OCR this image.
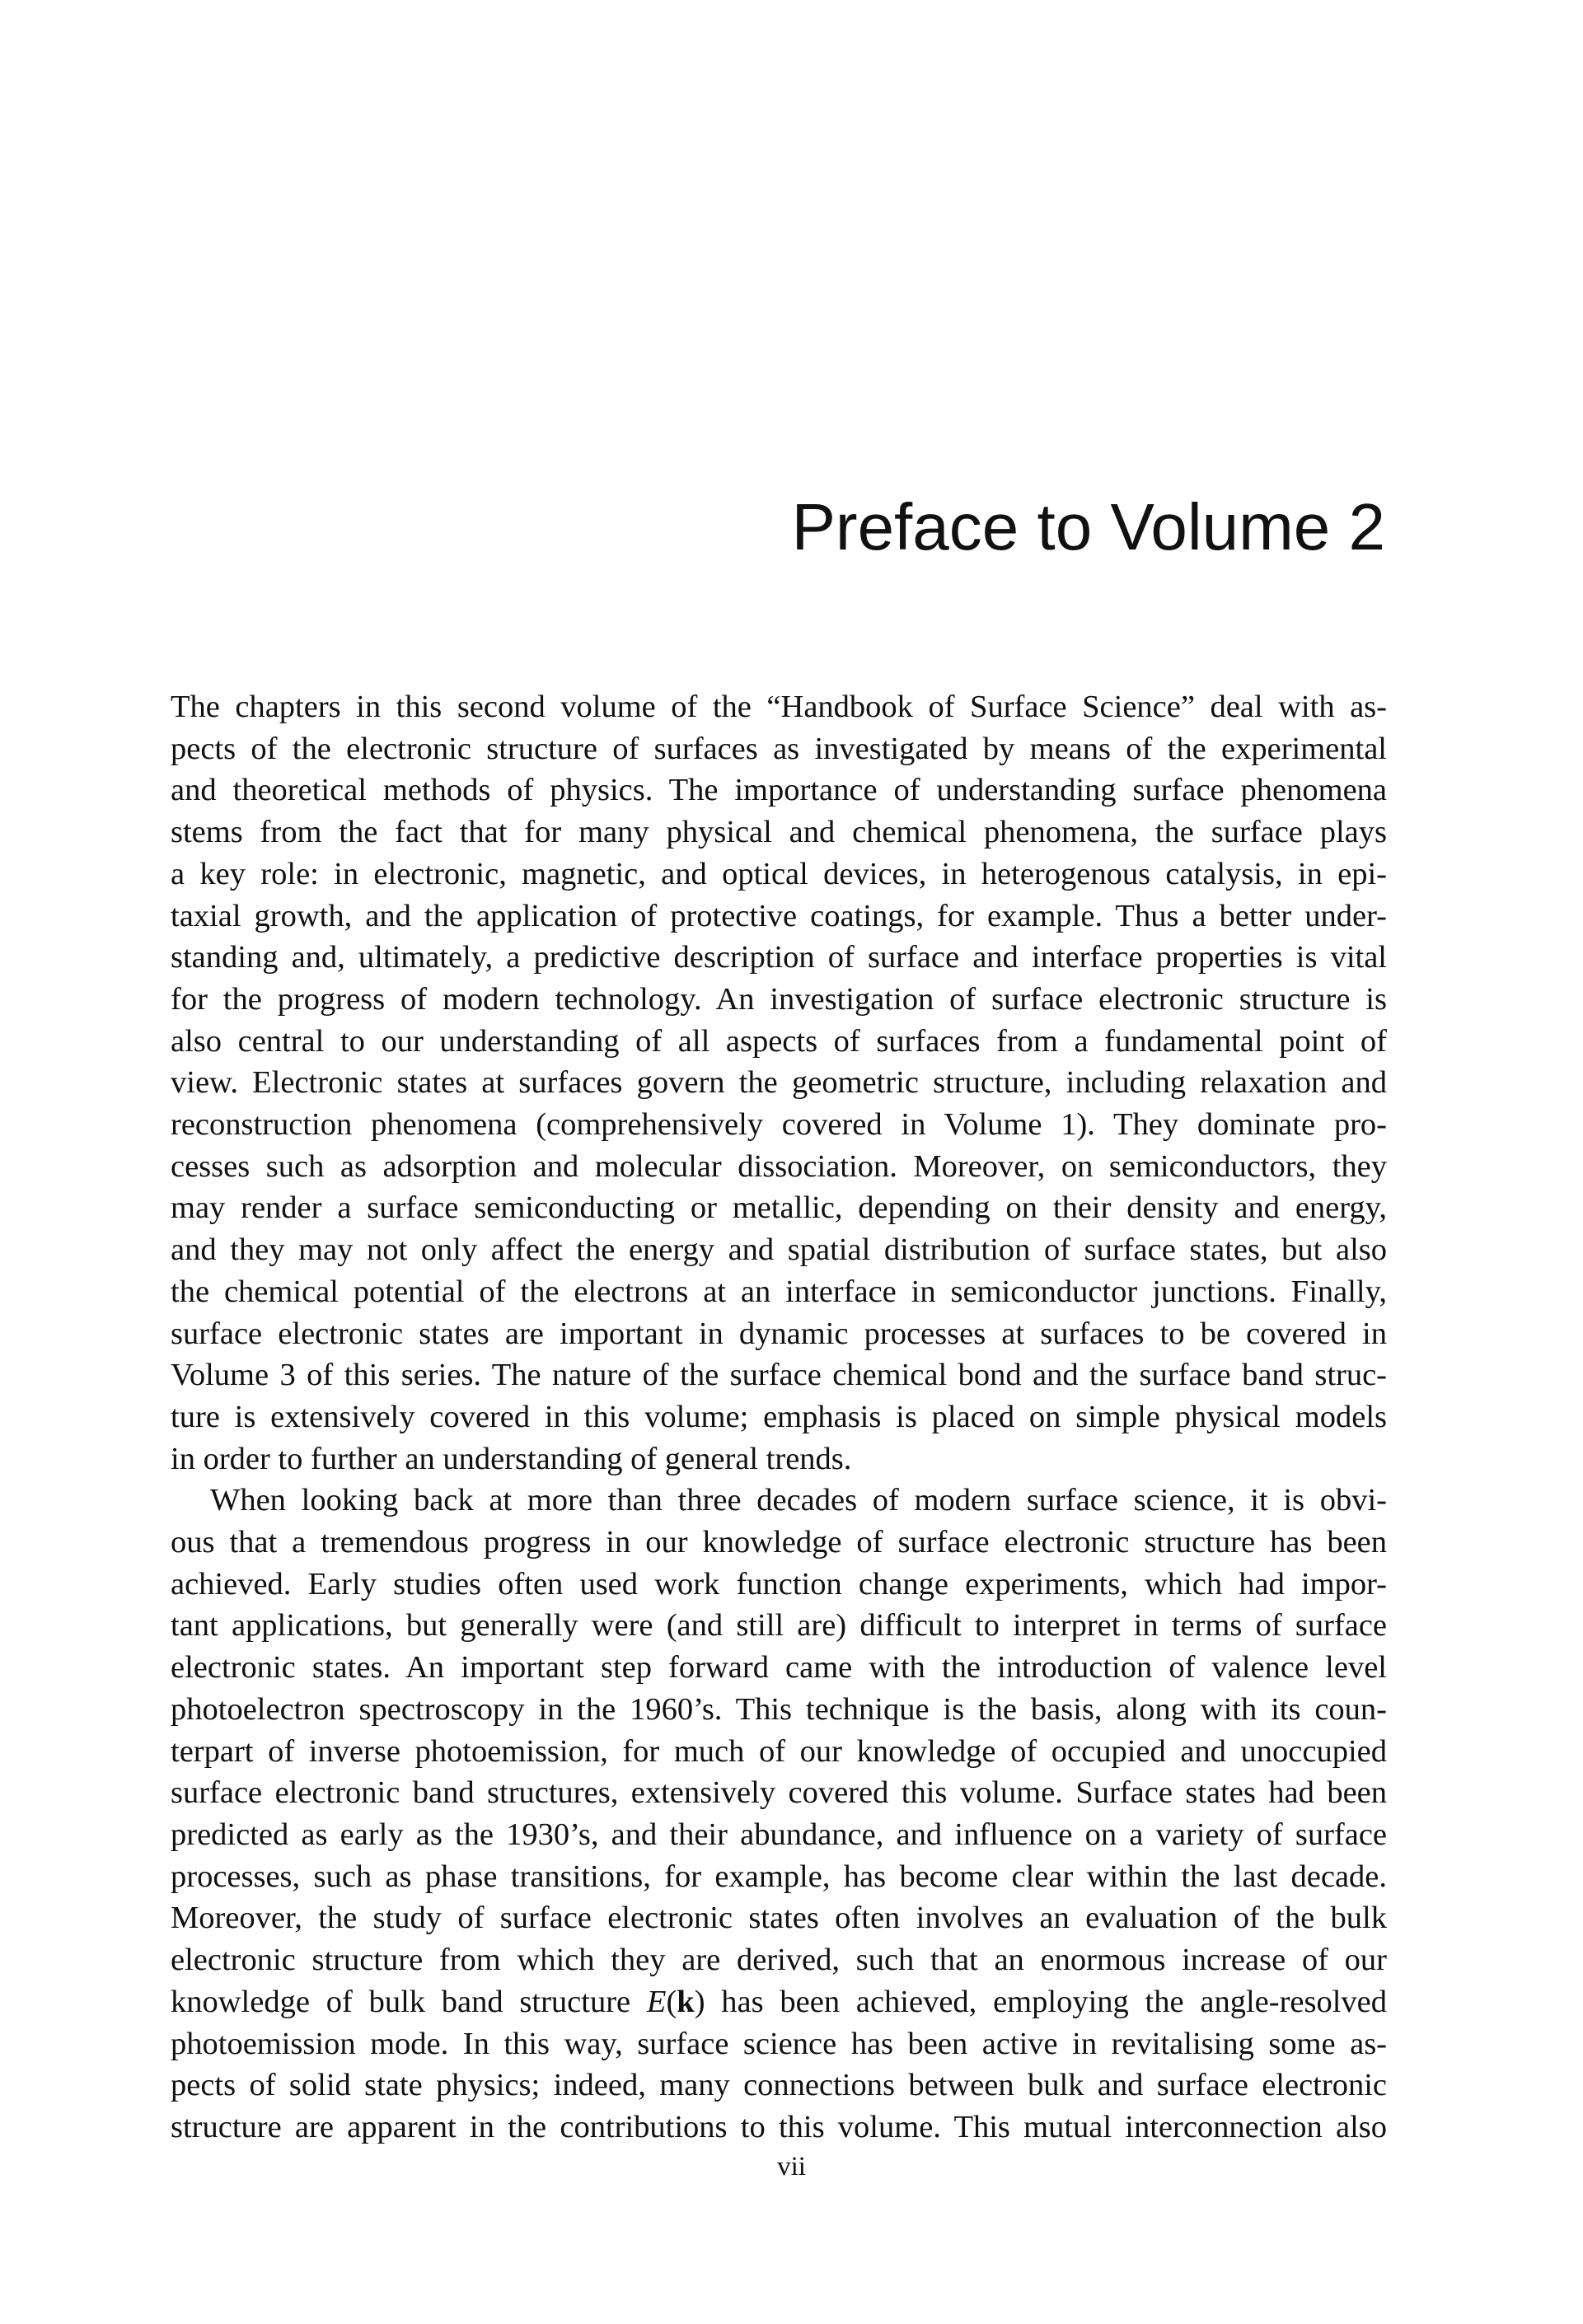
Preface to Volume 2

The chapters in this second volume of the “Handbook of Surface Science” deal with as-

pects of the electronic structure of surfaces as investigated by means of the experimental

and theoretical methods of physics. The importance of understanding surface phenomena

stems from the fact that for many physical and chemical phenomena, the surface plays

a key role: in electronic, magnetic, and optical devices, in heterogenous catalysis, in epi-

taxial growth, and the application of protective coatings, for example. Thus a better under-

standing and, ultimately, a predictive description of surface and interface properties is vital

for the progress of modern technology. An investigation of surface electronic structure is

also central to our understanding of all aspects of surfaces from a fundamental point of

view. Electronic states at surfaces govern the geometric structure, including relaxation and

reconstruction phenomena (comprehensively covered in Volume 1). They dominate pro-

cesses such as adsorption and molecular dissociation. Moreover, on semiconductors, they

may render a surface semiconducting or metallic, depending on their density and energy,

and they may not only affect the energy and spatial distribution of surface states, but also

the chemical potential of the electrons at an interface in semiconductor junctions. Finally,

surface electronic states are important in dynamic processes at surfaces to be covered in

Volume 3 of this series. The nature of the surface chemical bond and the surface band struc-

ture is extensively covered in this volume; emphasis is placed on simple physical models

in order to further an understanding of general trends.

When looking back at more than three decades of modern surface science, it is obvi-

ous that a tremendous progress in our knowledge of surface electronic structure has been

achieved. Early studies often used work function change experiments, which had impor-

tant applications, but generally were (and still are) difficult to interpret in terms of surface

electronic states. An important step forward came with the introduction of valence level

photoelectron spectroscopy in the 1960’s. This technique is the basis, along with its coun-

terpart of inverse photoemission, for much of our knowledge of occupied and unoccupied

surface electronic band structures, extensively covered this volume. Surface states had been

predicted as early as the 1930’s, and their abundance, and influence on a variety of surface

processes, such as phase transitions, for example, has become clear within the last decade.

Moreover, the study of surface electronic states often involves an evaluation of the bulk

electronic structure from which they are derived, such that an enormous increase of our

knowledge of bulk band structure E(k) has been achieved, employing the angle-resolved

photoemission mode. In this way, surface science has been active in revitalising some as-

pects of solid state physics; indeed, many connections between bulk and surface electronic

structure are apparent in the contributions to this volume. This mutual interconnection also

vii
